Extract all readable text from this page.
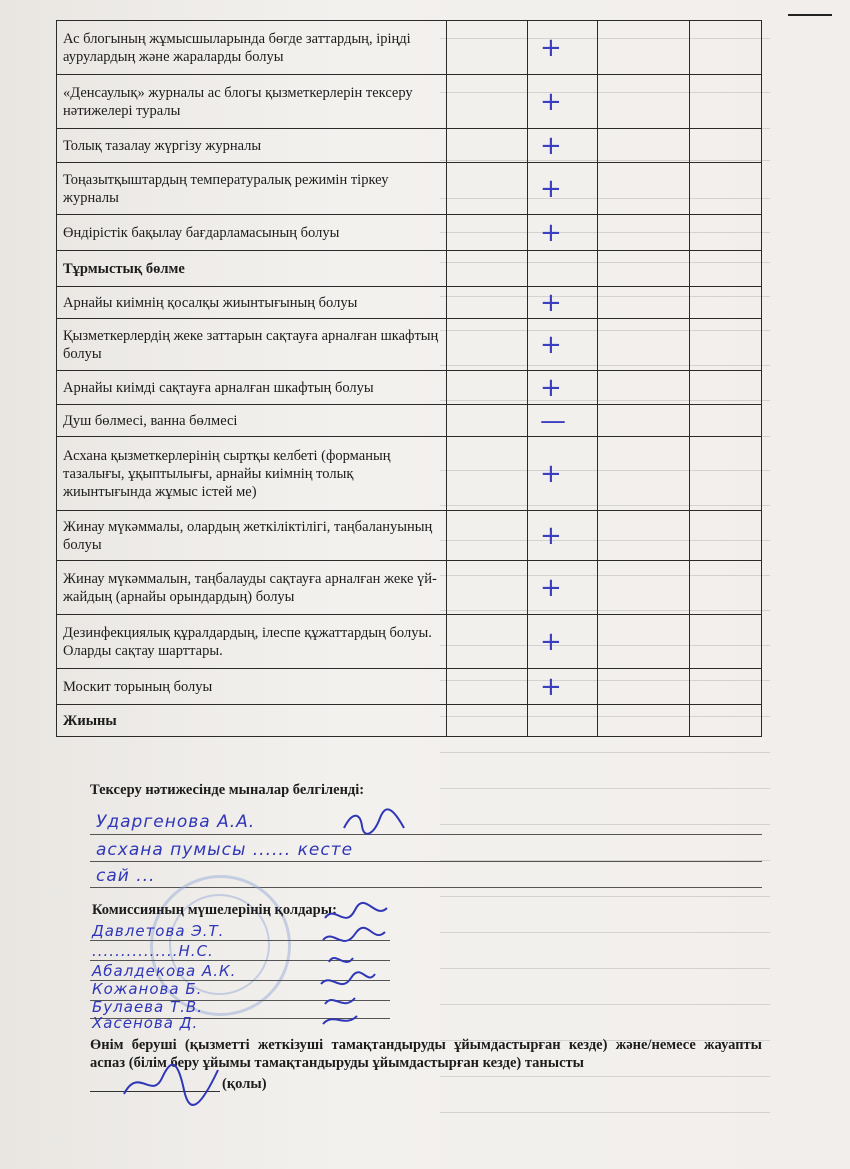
Ас блогының жұмысшыларында бөгде заттардың, іріңді аурулардың және жараларды болуы		+		

«Денсаулық» журналы ас блогы қызметкерлерін тексеру нәтижелері туралы		+		

Толық тазалау жүргізу журналы		+		

Тоңазытқыштардың температуралық режимін тіркеу журналы		+		

Өндірістік бақылау бағдарламасының болуы		+		

Тұрмыстық бөлме				
Арнайы киімнің қосалқы жиынтығының болуы		+		

Қызметкерлердің жеке заттарын сақтауға арналған шкафтың болуы		+		

Арнайы киімді сақтауға арналған шкафтың болуы		+		

Душ бөлмесі, ванна бөлмесі		—		

Асхана қызметкерлерінің сыртқы келбеті (форманың тазалығы, ұқыптылығы, арнайы киімнің толық жиынтығында жұмыс істей ме)		+		

Жинау мүкәммалы, олардың жеткіліктілігі, таңбалануының болуы		+		

Жинау мүкәммалын, таңбалауды сақтауға арналған жеке үй-жайдың (арнайы орындардың) болуы		+		

Дезинфекциялық құралдардың, ілеспе құжаттардың болуы. Оларды сақтау шарттары.		+		

Москит торының болуы		+		

Жиыны				
Тексеру нәтижесінде мыналар белгіленді:
Ударгенова А.А.
асхана пумысы ...... кесте
сай ...
Комиссияның мүшелерінің қолдары:
Давлетова Э.Т.
...............Н.С.
Абалдекова А.К.
Кожанова Б.
Булаева Т.В.
Хасенова Д.
Өнім беруші (қызметті жеткізуші тамақтандыруды ұйымдастырған кезде) және/немесе жауапты аспаз (білім беру ұйымы тамақтандыруды ұйымдастырған кезде) танысты
(қолы)
